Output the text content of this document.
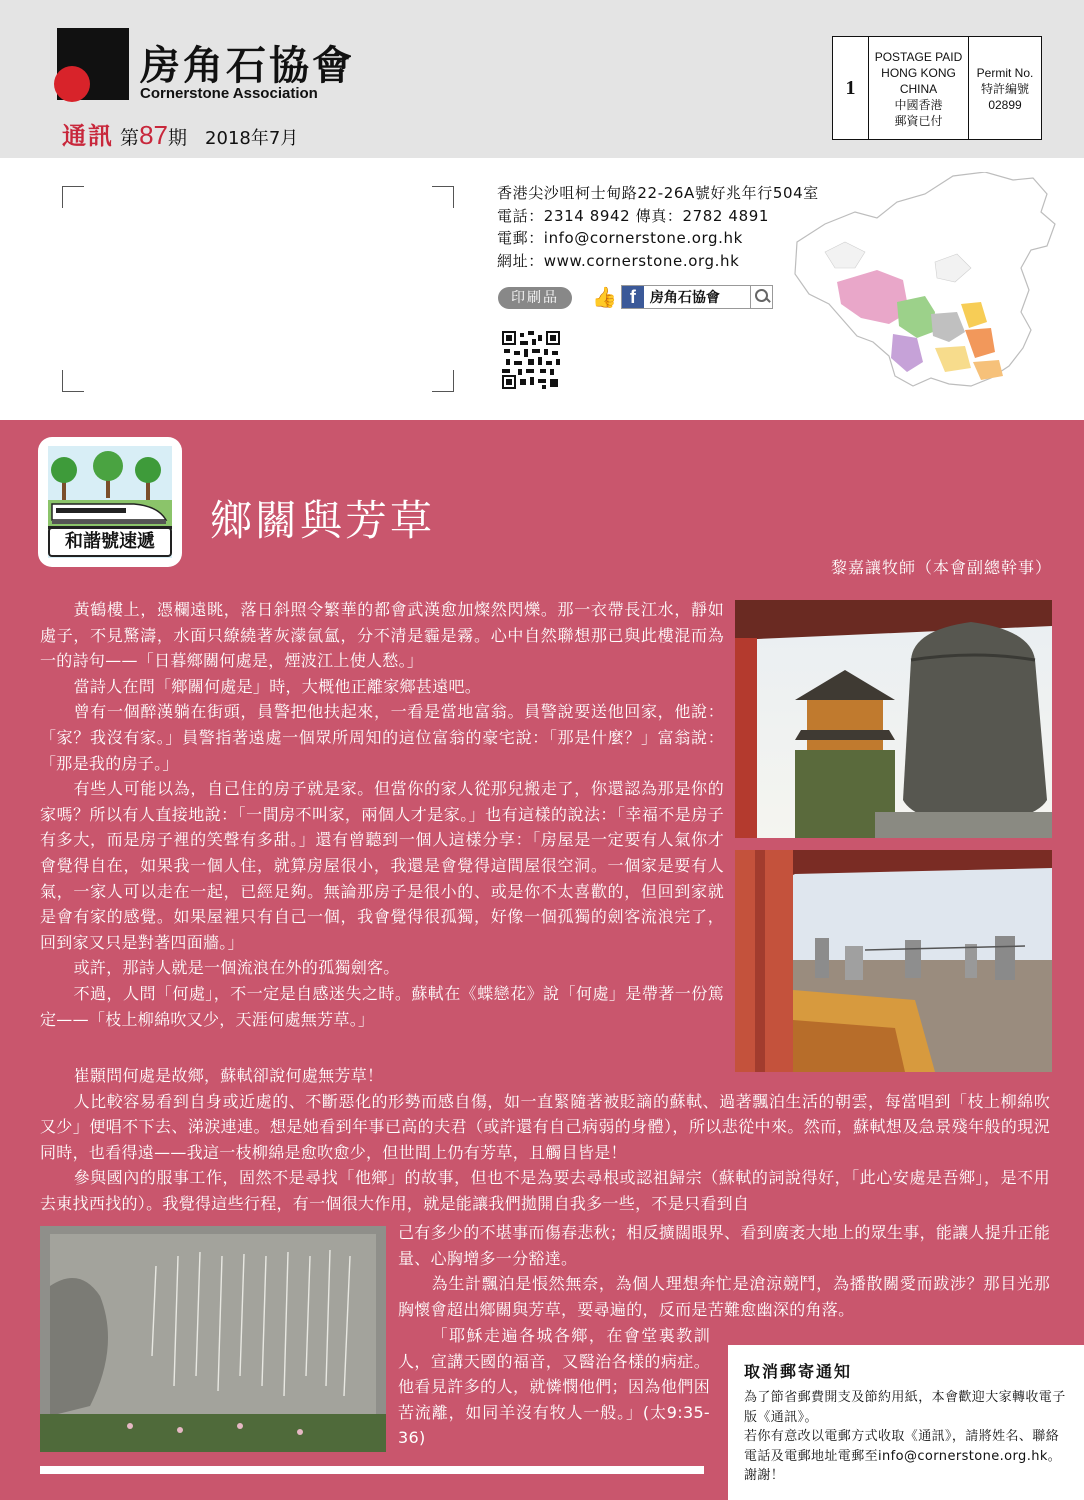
房角石協會
Cornerstone Association
通訊 第87期 2018年7月
1
POSTAGE PAID
HONG KONG
CHINA
中國香港
郵資已付
Permit No.
特許編號
02899
香港尖沙咀柯士甸路22-26A號好兆年行504室
電話：2314 8942 傳真：2782 4891
電郵：info@cornerstone.org.hk
網址：www.cornerstone.org.hk
印刷品	👍 f	房角石協會
和諧號速遞	鄉關與芳草
黎嘉讓牧師（本會副總幹事）

黃鶴樓上，憑欄遠眺，落日斜照令繁華的都會武漢愈加燦然閃爍。那一衣帶長江水，靜如處子，不見驚濤，水面只繚繞著灰濛氤氳，分不清是霾是霧。心中自然聯想那已與此樓混而為一的詩句——「日暮鄉關何處是，煙波江上使人愁。」

當詩人在問「鄉關何處是」時，大概他正離家鄉甚遠吧。

曾有一個醉漢躺在街頭，員警把他扶起來，一看是當地富翁。員警說要送他回家，他說：「家？我沒有家。」員警指著遠處一個眾所周知的這位富翁的豪宅說：「那是什麼？」富翁說：「那是我的房子。」

有些人可能以為，自己住的房子就是家。但當你的家人從那兒搬走了，你還認為那是你的家嗎？所以有人直接地說：「一間房不叫家，兩個人才是家。」也有這樣的說法：「幸福不是房子有多大，而是房子裡的笑聲有多甜。」還有曾聽到一個人這樣分享：「房屋是一定要有人氣你才會覺得自在，如果我一個人住，就算房屋很小，我還是會覺得這間屋很空洞。一個家是要有人氣，一家人可以走在一起，已經足夠。無論那房子是很小的、或是你不太喜歡的，但回到家就是會有家的感覺。如果屋裡只有自己一個，我會覺得很孤獨，好像一個孤獨的劍客流浪完了，回到家又只是對著四面牆。」

或許，那詩人就是一個流浪在外的孤獨劍客。

不過，人問「何處」，不一定是自感迷失之時。蘇軾在《蝶戀花》說「何處」是帶著一份篤定——「枝上柳綿吹又少，天涯何處無芳草。」

崔顥問何處是故鄉，蘇軾卻說何處無芳草！

人比較容易看到自身或近處的、不斷惡化的形勢而感自傷，如一直緊隨著被貶謫的蘇軾、過著飄泊生活的朝雲，每當唱到「枝上柳綿吹又少」便唱不下去、涕淚連連。想是她看到年事已高的夫君（或許還有自己病弱的身體），所以悲從中來。然而，蘇軾想及急景殘年般的現況同時，也看得遠——我這一枝柳綿是愈吹愈少，但世間上仍有芳草，且觸目皆是！

參與國內的服事工作，固然不是尋找「他鄉」的故事，但也不是為要去尋根或認祖歸宗（蘇軾的詞說得好，「此心安處是吾鄉」，是不用去東找西找的）。我覺得這些行程，有一個很大作用，就是能讓我們拋開自我多一些，不是只看到自

己有多少的不堪事而傷春悲秋；相反擴闊眼界、看到廣袤大地上的眾生事，能讓人提升正能量、心胸增多一分豁達。

為生計飄泊是悵然無奈，為個人理想奔忙是滄涼競鬥，為播散關愛而跋涉？那目光那胸懷會超出鄉關與芳草，要尋遍的，反而是苦難愈幽深的角落。

「耶穌走遍各城各鄉，在會堂裏教訓人，宣講天國的福音，又醫治各樣的病症。他看見許多的人，就憐憫他們；因為他們困苦流離，如同羊沒有牧人一般。」(太9:35-36)

取消郵寄通知
為了節省郵費開支及節約用紙，本會歡迎大家轉收電子版《通訊》。
若你有意改以電郵方式收取《通訊》，請將姓名、聯絡電話及電郵地址電郵至info@cornerstone.org.hk。謝謝！
